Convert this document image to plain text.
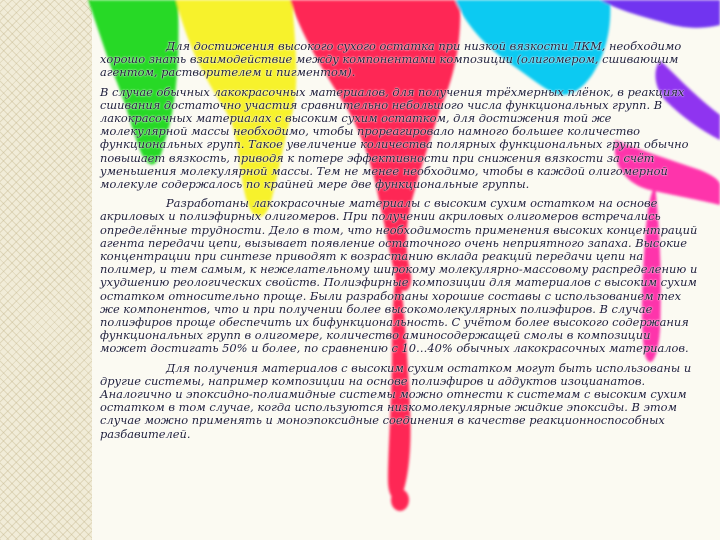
Для достижения высокого сухого остатка при низкой вязкости ЛКМ, необходимо хорошо знать взаимодействие между компонентами композиции (олигомером, сшивающим агентом, растворителем и пигментом).

В случае обычных лакокрасочных материалов, для получения трёхмерных плёнок, в реакциях сшивания достаточно участия сравнительно небольшого числа функциональных групп. В лакокрасочных материалах с высоким сухим остатком, для достижения той же молекулярной массы необходимо, чтобы прореагировало намного большее количество функциональных групп. Такое увеличение количества полярных функциональных групп обычно повышает вязкость, приводя к потере эффективности при снижения вязкости за счёт уменьшения молекулярной массы. Тем не менее необходимо, чтобы в каждой олигомерной молекуле содержалось по крайней мере две функциональные группы.

Разработаны лакокрасочные материалы с высоким сухим остатком на основе акриловых и полиэфирных олигомеров. При получении акриловых олигомеров встречались определённые трудности. Дело в том, что необходимость применения высоких концентраций агента передачи цепи, вызывает появление остаточного очень неприятного запаха. Высокие концентрации при синтезе приводят к возрастанию вклада реакций передачи цепи на полимер, и тем самым, к нежелательному широкому молекулярно-массовому распределению и ухудшению реологических свойств. Полиэфирные композиции для материалов с высоким сухим остатком относительно проще. Были разработаны хорошие составы с использованием тех же компонентов, что и при получении более высокомолекулярных полиэфиров. В случае полиэфиров проще обеспечить их бифункциональность. С учётом более высокого содержания функциональных групп в олигомере, количество аминосодержащей смолы в композиции может достигать 50% и более, по сравнению с 10…40% обычных лакокрасочных материалов.

Для получения материалов с высоким сухим остатком могут быть использованы и другие системы, например композиции на основе полиэфиров и аддуктов изоцианатов. Аналогично и эпоксидно-полиамидные системы можно отнести к системам с высоким сухим остатком в том случае, когда используются низкомолекулярные жидкие эпоксиды. В этом случае можно применять и моноэпоксидные соединения в качестве реакционноспособных разбавителей.
